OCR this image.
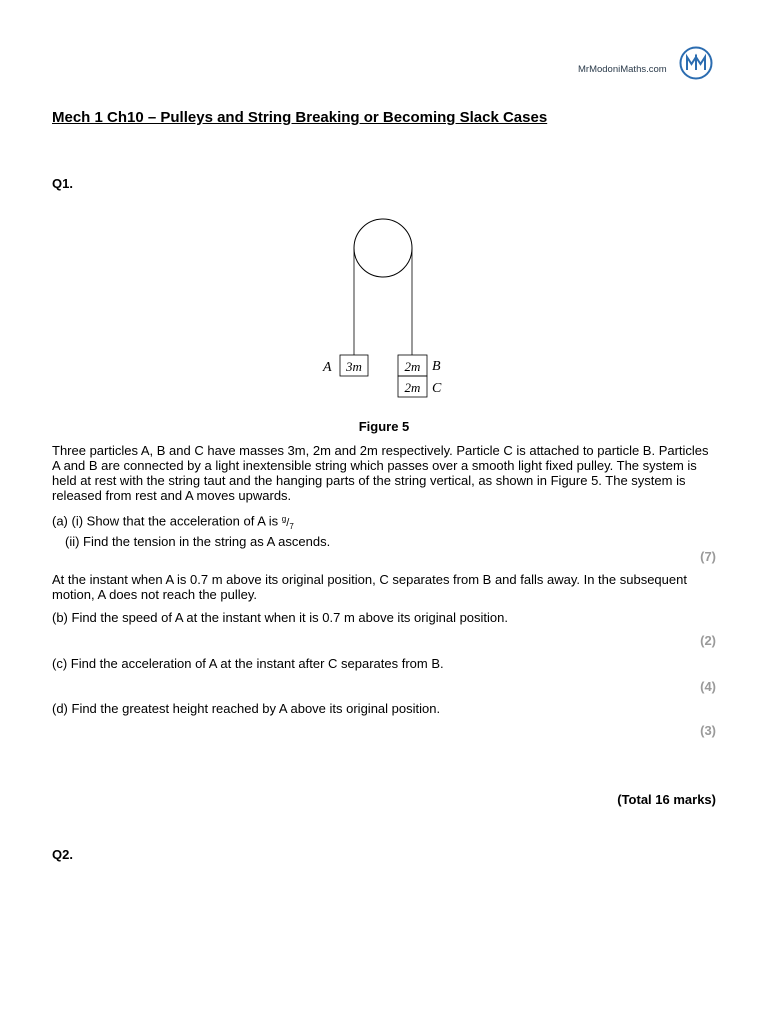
MrModoniMaths.com
Mech 1 Ch10 – Pulleys and String Breaking or Becoming Slack Cases
Q1.
A 3m	2m B
2m C
Figure 5
Three particles A, B and C have masses 3m, 2m and 2m respectively. Particle C is attached to particle B. Particles A and B are connected by a light inextensible string which passes over a smooth light fixed pulley. The system is held at rest with the string taut and the hanging parts of the string vertical, as shown in Figure 5. The system is released from rest and A moves upwards.
(a) (i) Show that the acceleration of A is $^g/_7$
(ii) Find the tension in the string as A ascends.
(7)
At the instant when A is 0.7 m above its original position, C separates from B and falls away. In the subsequent motion, A does not reach the pulley.
(b) Find the speed of A at the instant when it is 0.7 m above its original position.
(2)
(c) Find the acceleration of A at the instant after C separates from B.
(4)
(d) Find the greatest height reached by A above its original position.
(3)
(Total 16 marks)
Q2.
